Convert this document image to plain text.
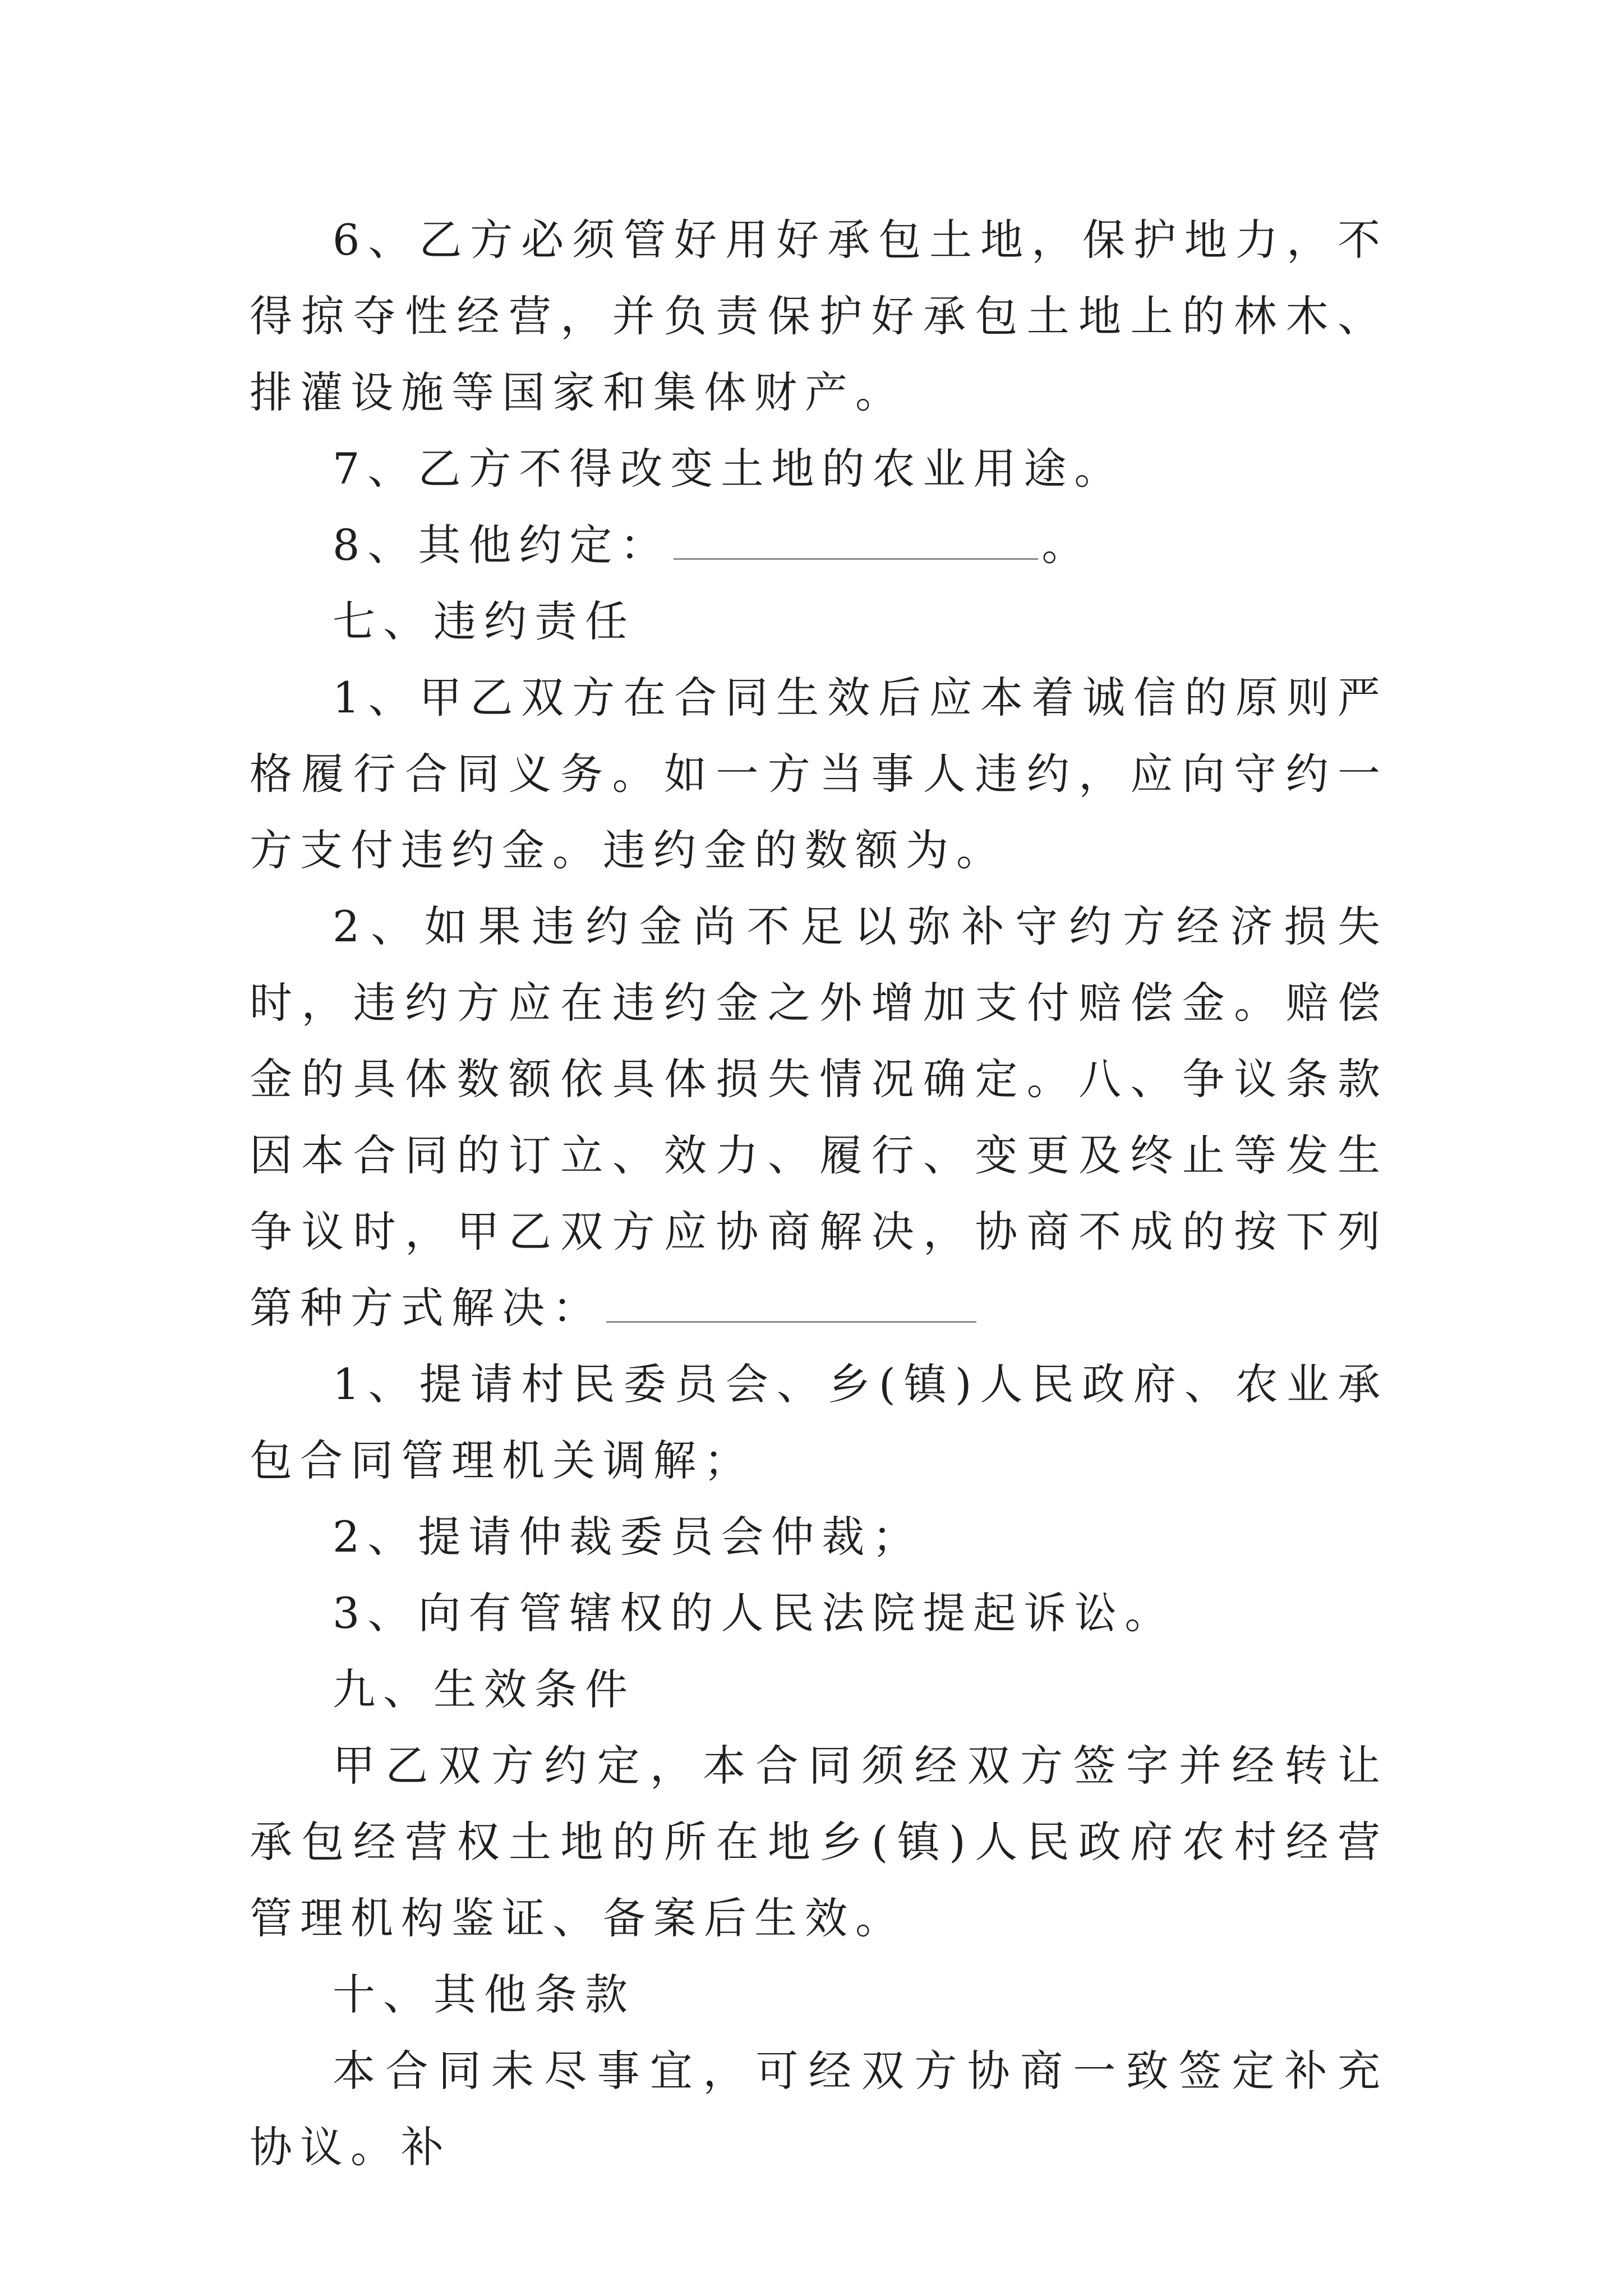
6、乙方必须管好用好承包土地，保护地力，不得掠夺性经营，并负责保护好承包土地上的林木、排灌设施等国家和集体财产。

7、乙方不得改变土地的农业用途。

8、其他约定：	。

七、违约责任

1、甲乙双方在合同生效后应本着诚信的原则严格履行合同义务。如一方当事人违约，应向守约一方支付违约金。违约金的数额为。

2、如果违约金尚不足以弥补守约方经济损失时，违约方应在违约金之外增加支付赔偿金。赔偿金的具体数额依具体损失情况确定。八、争议条款因本合同的订立、效力、履行、变更及终止等发生争议时，甲乙双方应协商解决，协商不成的按下列第种方式解决：

1、提请村民委员会、乡(镇)人民政府、农业承包合同管理机关调解；

2、提请仲裁委员会仲裁；

3、向有管辖权的人民法院提起诉讼。

九、生效条件

甲乙双方约定，本合同须经双方签字并经转让承包经营权土地的所在地乡(镇)人民政府农村经营管理机构鉴证、备案后生效。

十、其他条款

本合同未尽事宜，可经双方协商一致签定补充协议。补
